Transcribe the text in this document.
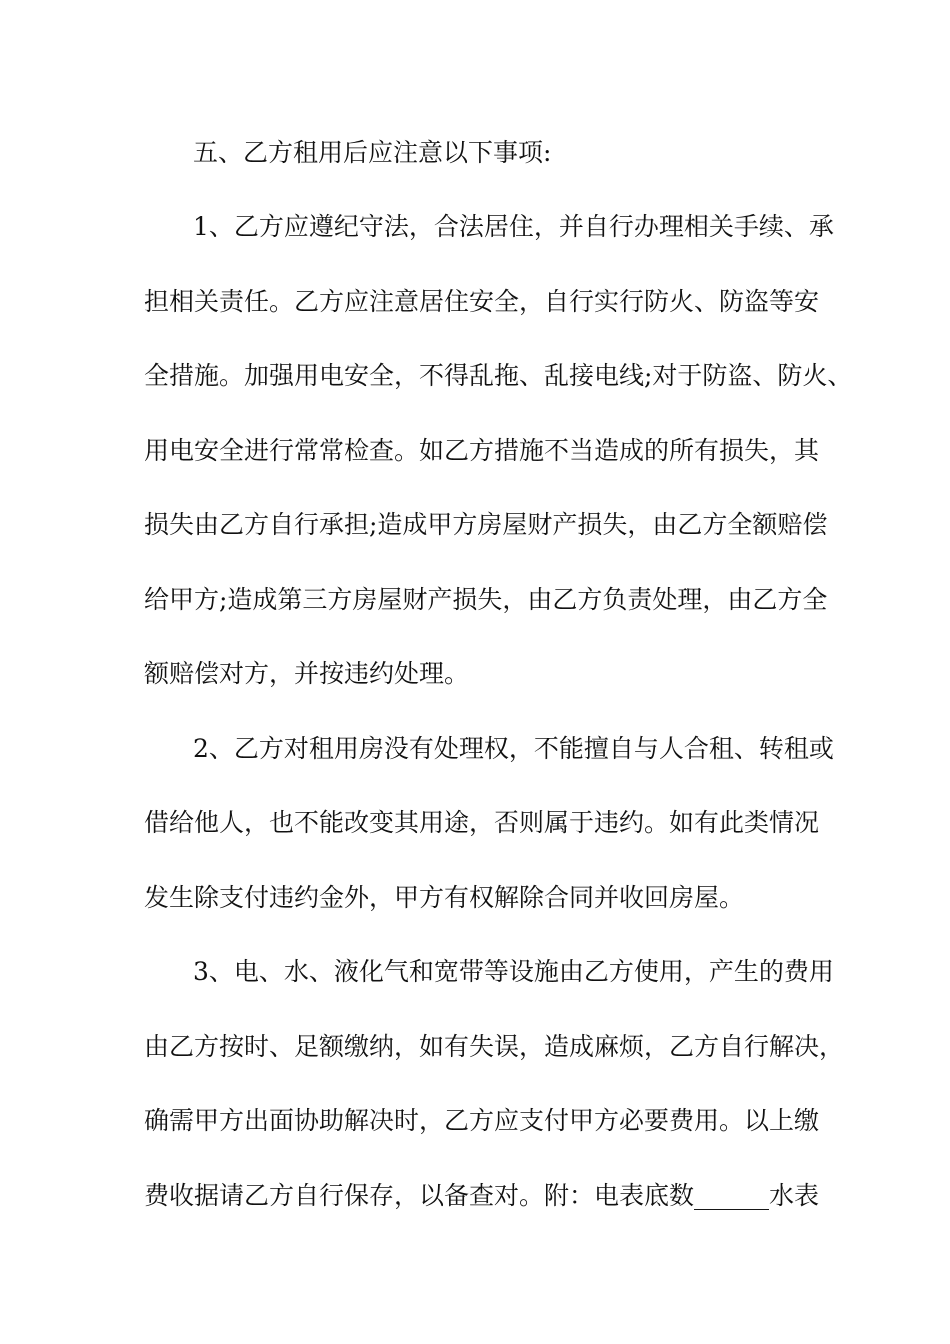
五、乙方租用后应注意以下事项:
1、乙方应遵纪守法，合法居住，并自行办理相关手续、承
担相关责任。乙方应注意居住安全，自行实行防火、防盗等安
全措施。加强用电安全，不得乱拖、乱接电线;对于防盗、防火、
用电安全进行常常检查。如乙方措施不当造成的所有损失，其
损失由乙方自行承担;造成甲方房屋财产损失，由乙方全额赔偿
给甲方;造成第三方房屋财产损失，由乙方负责处理，由乙方全
额赔偿对方，并按违约处理。
2、乙方对租用房没有处理权，不能擅自与人合租、转租或
借给他人，也不能改变其用途，否则属于违约。如有此类情况
发生除支付违约金外，甲方有权解除合同并收回房屋。
3、电、水、液化气和宽带等设施由乙方使用，产生的费用
由乙方按时、足额缴纳，如有失误，造成麻烦，乙方自行解决，
确需甲方出面协助解决时，乙方应支付甲方必要费用。以上缴
费收据请乙方自行保存，以备查对。附：电表底数______水表
